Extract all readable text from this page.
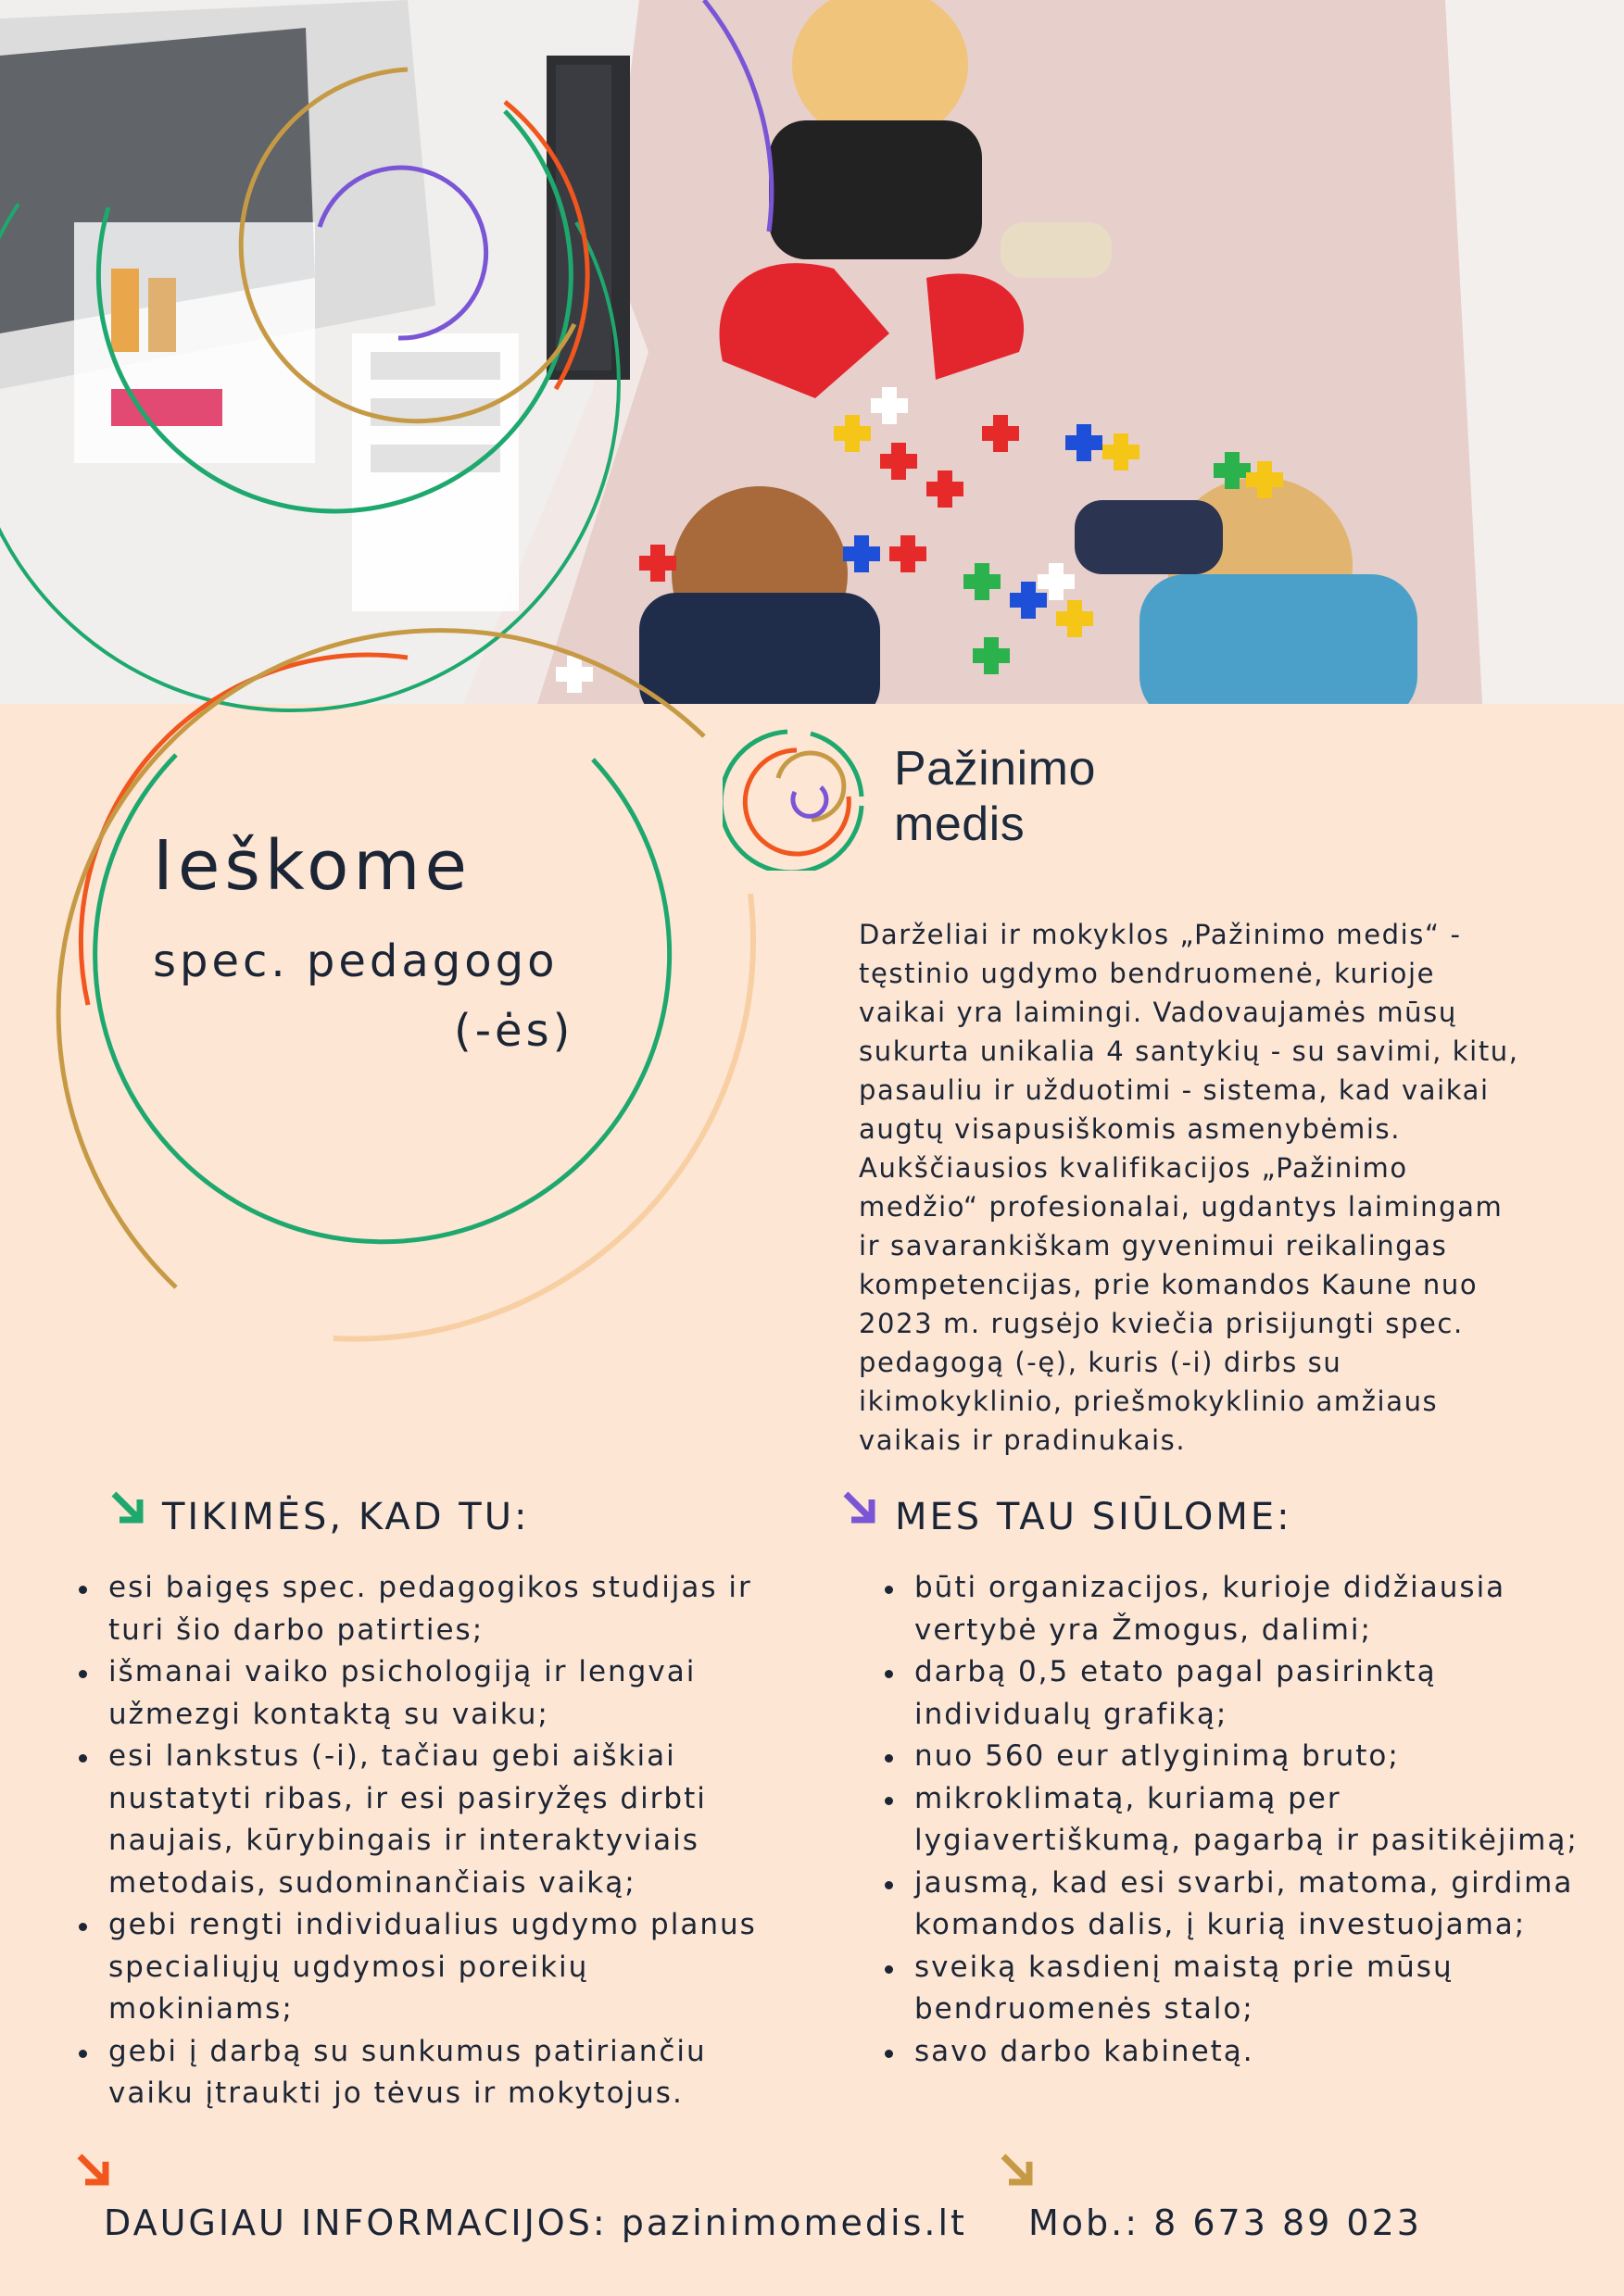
Pažinimo
medis
Ieškome
spec. pedagogo
(-ės)

Darželiai ir mokyklos „Pažinimo medis“ -
tęstinio ugdymo bendruomenė, kurioje
vaikai yra laimingi. Vadovaujamės mūsų
sukurta unikalia 4 santykių - su savimi, kitu,
pasauliu ir užduotimi - sistema, kad vaikai
augtų visapusiškomis asmenybėmis.
Aukščiausios kvalifikacijos „Pažinimo
medžio“ profesionalai, ugdantys laimingam
ir savarankiškam gyvenimui reikalingas
kompetencijas, prie komandos Kaune nuo
2023 m. rugsėjo kviečia prisijungti spec.
pedagogą (-ę), kuris (-i) dirbs su
ikimokyklinio, priešmokyklinio amžiaus
vaikais ir pradinukais.

TIKIMĖS, KAD TU:
esi baigęs spec. pedagogikos studijas ir turi šio darbo patirties;
išmanai vaiko psichologiją ir lengvai užmezgi kontaktą su vaiku;
esi lankstus (-i), tačiau gebi aiškiai nustatyti ribas, ir esi pasiryžęs dirbti naujais, kūrybingais ir interaktyviais metodais, sudominančiais vaiką;
gebi rengti individualius ugdymo planus specialiųjų ugdymosi poreikių mokiniams;
gebi į darbą su sunkumus patiriančiu vaiku įtraukti jo tėvus ir mokytojus.
MES TAU SIŪLOME:
būti organizacijos, kurioje didžiausia vertybė yra Žmogus, dalimi;
darbą 0,5 etato pagal pasirinktą individualų grafiką;
nuo 560 eur atlyginimą bruto;
mikroklimatą, kuriamą per lygiavertiškumą, pagarbą ir pasitikėjimą;
jausmą, kad esi svarbi, matoma, girdima komandos dalis, į kurią investuojama;
sveiką kasdienį maistą prie mūsų bendruomenės stalo;
savo darbo kabinetą.
DAUGIAU INFORMACIJOS: pazinimomedis.lt Mob.: 8 673 89 023
